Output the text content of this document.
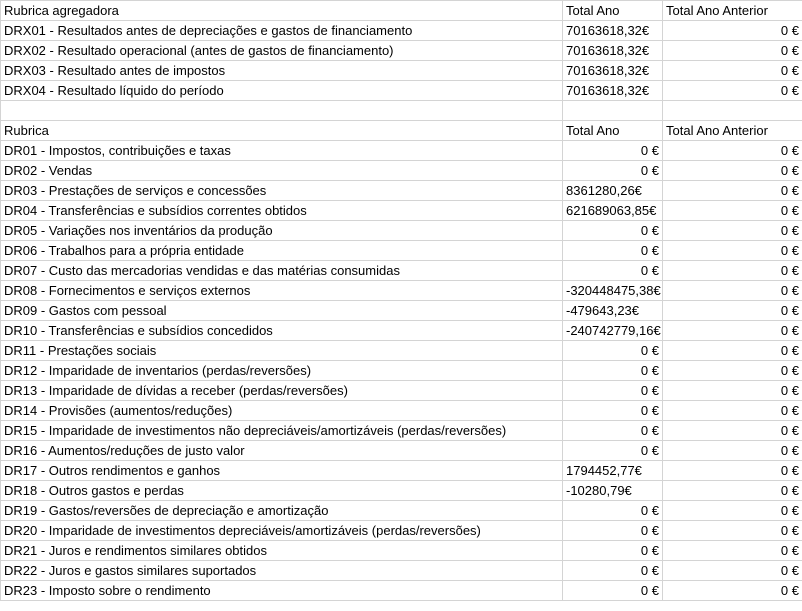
Rubrica agregadora	Total Ano	Total Ano Anterior
DRX01 - Resultados antes de depreciações e gastos de financiamento	70163618,32€	0 €
DRX02 - Resultado operacional (antes de gastos de financiamento)	70163618,32€	0 €
DRX03 - Resultado antes de impostos	70163618,32€	0 €
DRX04 - Resultado líquido do período	70163618,32€	0 €

Rubrica	Total Ano	Total Ano Anterior
DR01 - Impostos, contribuições e taxas	0 €	0 €
DR02 - Vendas	0 €	0 €
DR03 - Prestações de serviços e concessões	8361280,26€	0 €
DR04 - Transferências e subsídios correntes obtidos	621689063,85€	0 €
DR05 - Variações nos inventários da produção	0 €	0 €
DR06 - Trabalhos para a própria entidade	0 €	0 €
DR07 - Custo das mercadorias vendidas e das matérias consumidas	0 €	0 €
DR08 - Fornecimentos e serviços externos	-320448475,38€	0 €
DR09 - Gastos com pessoal	-479643,23€	0 €
DR10 - Transferências e subsídios concedidos	-240742779,16€	0 €
DR11 - Prestações sociais	0 €	0 €
DR12 - Imparidade de inventarios (perdas/reversões)	0 €	0 €
DR13 - Imparidade de dívidas a receber (perdas/reversões)	0 €	0 €
DR14 - Provisões (aumentos/reduções)	0 €	0 €
DR15 - Imparidade de investimentos não depreciáveis/amortizáveis (perdas/reversões)	0 €	0 €
DR16 - Aumentos/reduções de justo valor	0 €	0 €
DR17 - Outros rendimentos e ganhos	1794452,77€	0 €
DR18 - Outros gastos e perdas	-10280,79€	0 €
DR19 - Gastos/reversões de depreciação e amortização	0 €	0 €
DR20 - Imparidade de investimentos depreciáveis/amortizáveis (perdas/reversões)	0 €	0 €
DR21 - Juros e rendimentos similares obtidos	0 €	0 €
DR22 - Juros e gastos similares suportados	0 €	0 €
DR23 - Imposto sobre o rendimento	0 €	0 €
